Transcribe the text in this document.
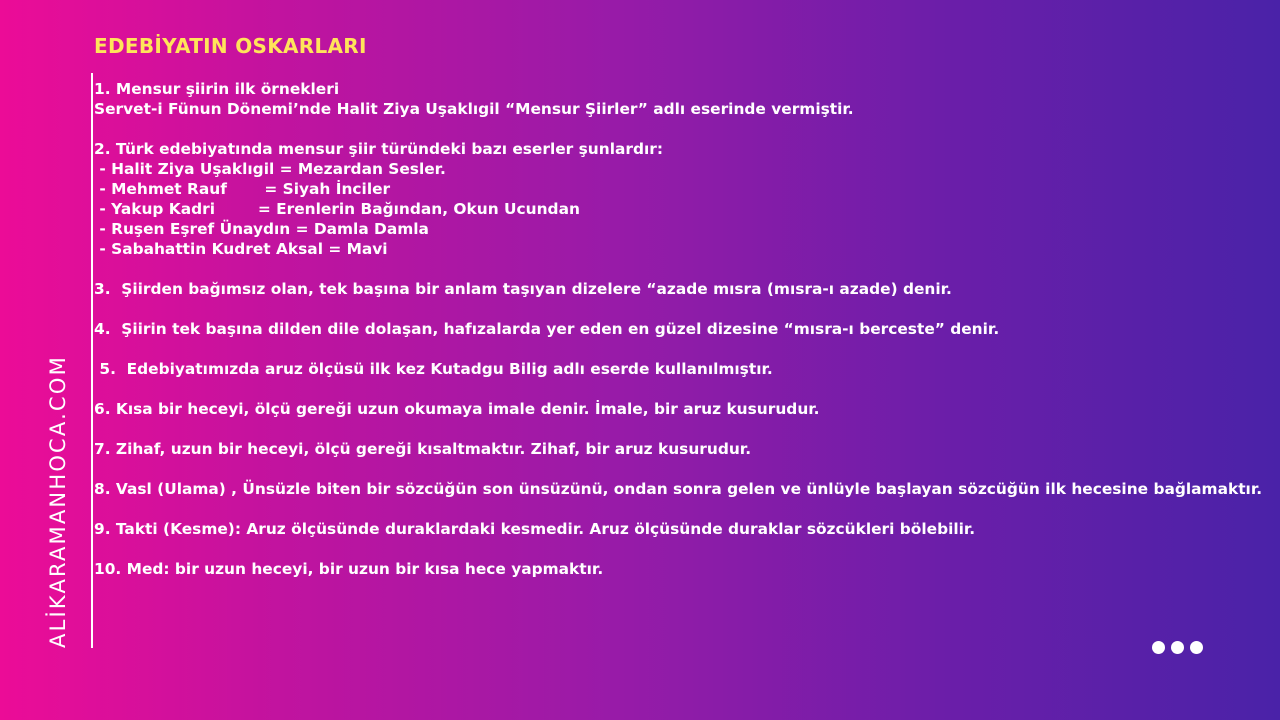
ALİKARAMANHOCA.COM
EDEBİYATIN OSKARLARI

1. Mensur şiirin ilk örnekleri

Servet-i Fünun Dönemi’nde Halit Ziya Uşaklıgil “Mensur Şiirler” adlı eserinde vermiştir.

2. Türk edebiyatında mensur şiir türündeki bazı eserler şunlardır:

- Halit Ziya Uşaklıgil = Mezardan Sesler.

- Mehmet Rauf       = Siyah İnciler

- Yakup Kadri        = Erenlerin Bağından, Okun Ucundan

- Ruşen Eşref Ünaydın = Damla Damla

- Sabahattin Kudret Aksal = Mavi

3.  Şiirden bağımsız olan, tek başına bir anlam taşıyan dizelere “azade mısra (mısra-ı azade) denir.

4.  Şiirin tek başına dilden dile dolaşan, hafızalarda yer eden en güzel dizesine “mısra-ı berceste” denir.

5.  Edebiyatımızda aruz ölçüsü ilk kez Kutadgu Bilig adlı eserde kullanılmıştır.

6. Kısa bir heceyi, ölçü gereği uzun okumaya imale denir. İmale, bir aruz kusurudur.

7. Zihaf, uzun bir heceyi, ölçü gereği kısaltmaktır. Zihaf, bir aruz kusurudur.

8. Vasl (Ulama) , Ünsüzle biten bir sözcüğün son ünsüzünü, ondan sonra gelen ve ünlüyle başlayan sözcüğün ilk hecesine bağlamaktır.

9. Takti (Kesme): Aruz ölçüsünde duraklardaki kesmedir. Aruz ölçüsünde duraklar sözcükleri bölebilir.

10. Med: bir uzun heceyi, bir uzun bir kısa hece yapmaktır.
